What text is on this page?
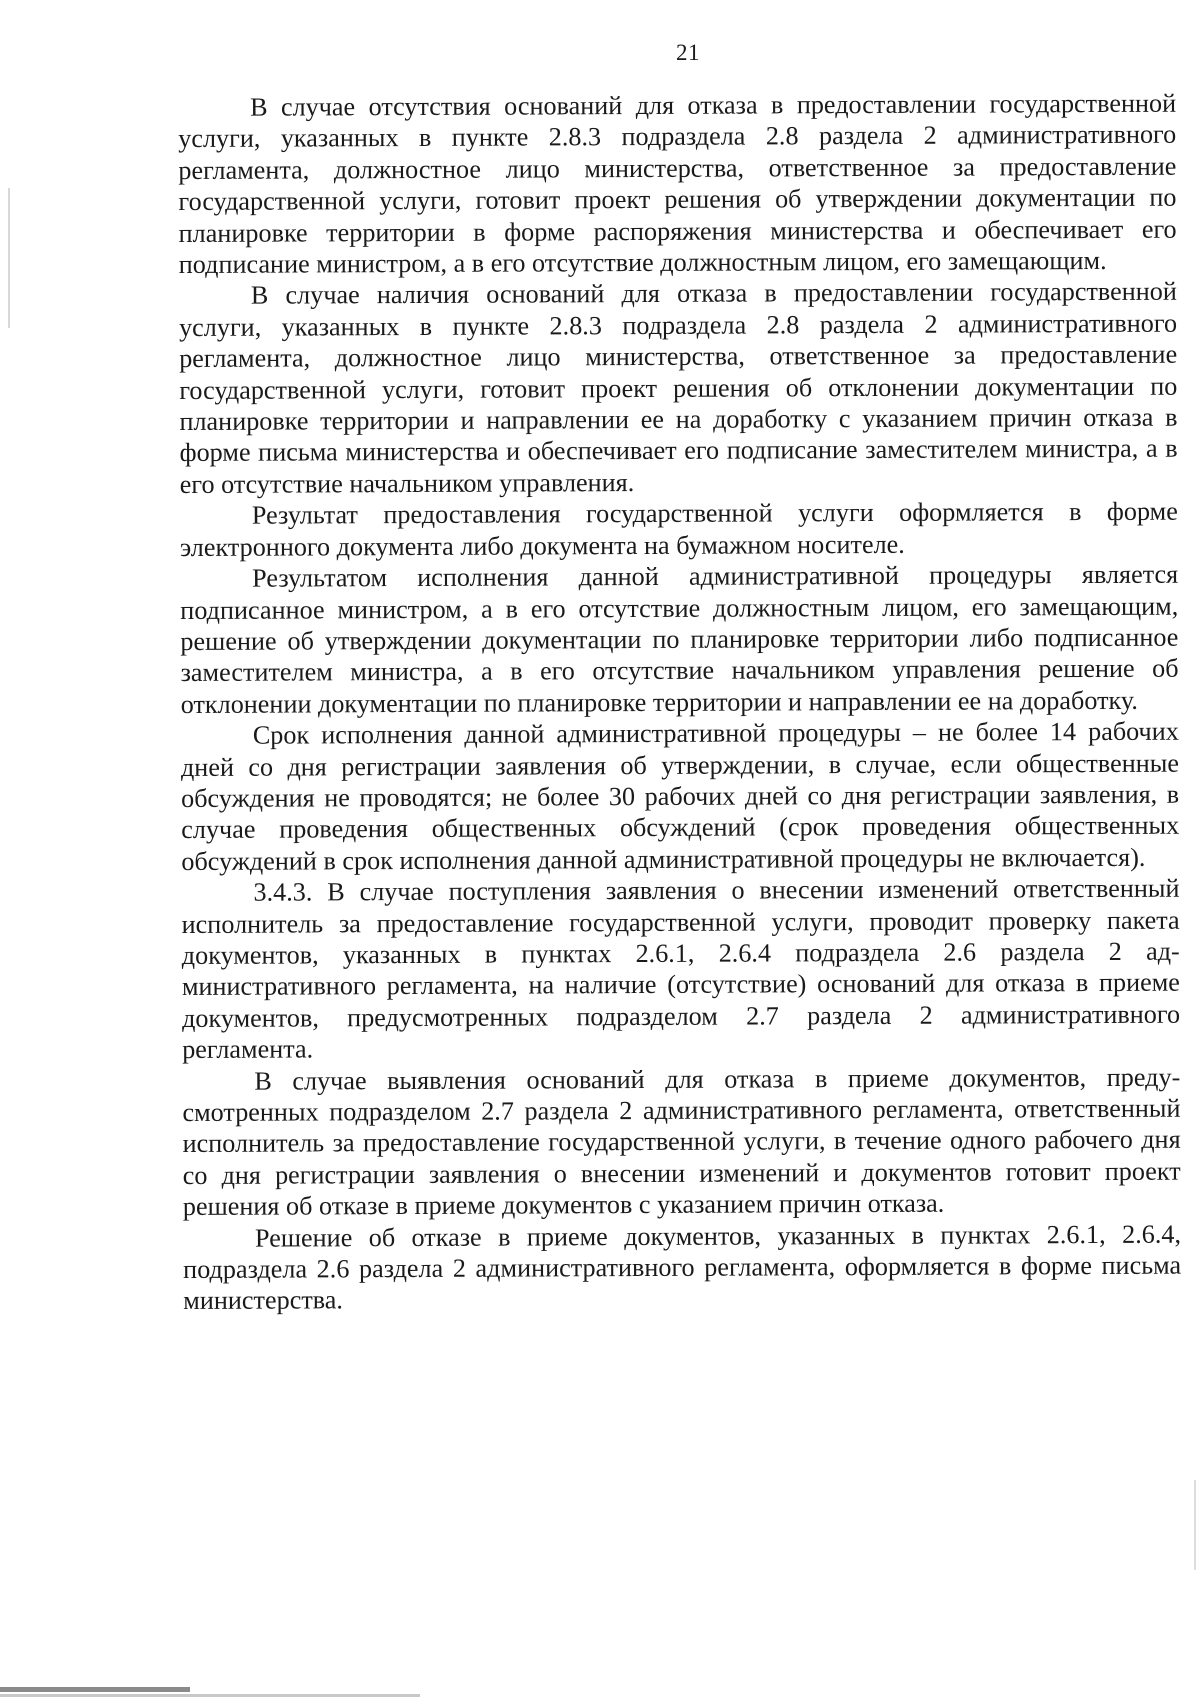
21

В случае отсутствия оснований для отказа в предоставлении государственной услуги, указанных в пункте 2.8.3 подраздела 2.8 раздела 2 административного регламента, должностное лицо министерства, ответственное за предоставление государственной услуги, готовит проект решения об утверждении документации по планировке территории в форме распоряжения министерства и обеспечивает его подписание министром, а в его отсутствие должностным лицом, его замещающим.

В случае наличия оснований для отказа в предоставлении государственной услуги, указанных в пункте 2.8.3 подраздела 2.8 раздела 2 административного регламента, должностное лицо министерства, ответственное за предоставление государственной услуги, готовит проект решения об отклонении документации по планировке территории и направлении ее на доработку с указанием причин отказа в форме письма министерства и обеспечивает его подписание заместителем министра, а в его отсутствие начальником управления.

Результат предоставления государственной услуги оформляется в форме электронного документа либо документа на бумажном носителе.

Результатом исполнения данной административной процедуры является подписанное министром, а в его отсутствие должностным лицом, его замещающим, решение об утверждении документации по планировке территории либо подписанное заместителем министра, а в его отсутствие начальником управления решение об отклонении документации по планировке территории и направлении ее на доработку.

Срок исполнения данной административной процедуры – не более 14 рабочих дней со дня регистрации заявления об утверждении, в случае, если общественные обсуждения не проводятся; не более 30 рабочих дней со дня регистрации заявления, в случае проведения общественных обсуждений (срок проведения общественных обсуждений в срок исполнения данной административной процедуры не включается).

3.4.3. В случае поступления заявления о внесении изменений ответственный исполнитель за предоставление государственной услуги, проводит проверку пакета документов, указанных в пунктах 2.6.1, 2.6.4 подраздела 2.6 раздела 2 административного регламента, на наличие (отсутствие) оснований для отказа в приеме документов, предусмотренных подразделом 2.7 раздела 2 административного регламента.

В случае выявления оснований для отказа в приеме документов, предусмотренных подразделом 2.7 раздела 2 административного регламента, ответственный исполнитель за предоставление государственной услуги, в течение одного рабочего дня со дня регистрации заявления о внесении изменений и документов готовит проект решения об отказе в приеме документов с указанием причин отказа.

Решение об отказе в приеме документов, указанных в пунктах 2.6.1, 2.6.4, подраздела 2.6 раздела 2 административного регламента, оформляется в форме письма министерства.
